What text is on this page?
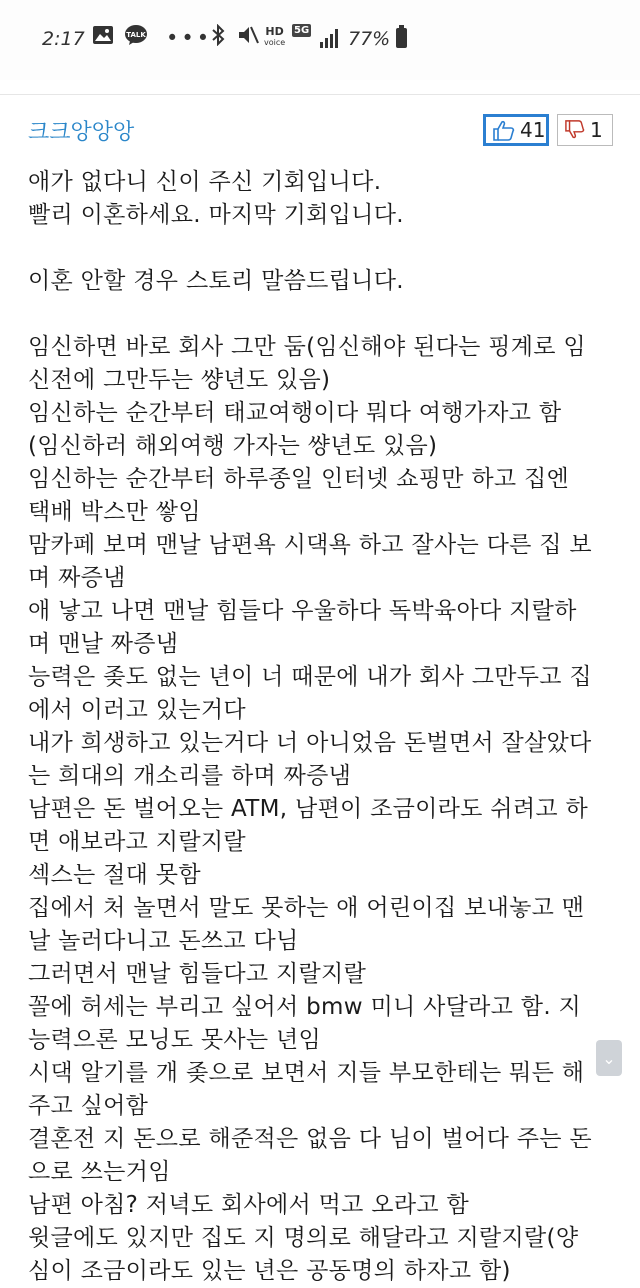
2:17	TALK •••	HD
voice
5G 77%
크크앙앙앙	41 1
애가 없다니 신이 주신 기회입니다.
빨리 이혼하세요. 마지막 기회입니다.
이혼 안할 경우 스토리 말씀드립니다.
임신하면 바로 회사 그만 둠(임신해야 된다는 핑계로 임
신전에 그만두는 썅년도 있음)
임신하는 순간부터 태교여행이다 뭐다 여행가자고 함
(임신하러 해외여행 가자는 썅년도 있음)
임신하는 순간부터 하루종일 인터넷 쇼핑만 하고 집엔
택배 박스만 쌓임
맘카페 보며 맨날 남편욕 시댁욕 하고 잘사는 다른 집 보
며 짜증냄
애 낳고 나면 맨날 힘들다 우울하다 독박육아다 지랄하
며 맨날 짜증냄
능력은 좆도 없는 년이 너 때문에 내가 회사 그만두고 집
에서 이러고 있는거다
내가 희생하고 있는거다 너 아니었음 돈벌면서 잘살았다
는 희대의 개소리를 하며 짜증냄
남편은 돈 벌어오는 ATM, 남편이 조금이라도 쉬려고 하
면 애보라고 지랄지랄
섹스는 절대 못함
집에서 처 놀면서 말도 못하는 애 어린이집 보내놓고 맨
날 놀러다니고 돈쓰고 다님
그러면서 맨날 힘들다고 지랄지랄
꼴에 허세는 부리고 싶어서 bmw 미니 사달라고 함. 지
능력으론 모닝도 못사는 년임
시댁 알기를 개 좆으로 보면서 지들 부모한테는 뭐든 해
주고 싶어함
결혼전 지 돈으로 해준적은 없음 다 님이 벌어다 주는 돈
으로 쓰는거임
남편 아침? 저녁도 회사에서 먹고 오라고 함
윗글에도 있지만 집도 지 명의로 해달라고 지랄지랄(양
심이 조금이라도 있는 년은 공동명의 하자고 함)
⌄
